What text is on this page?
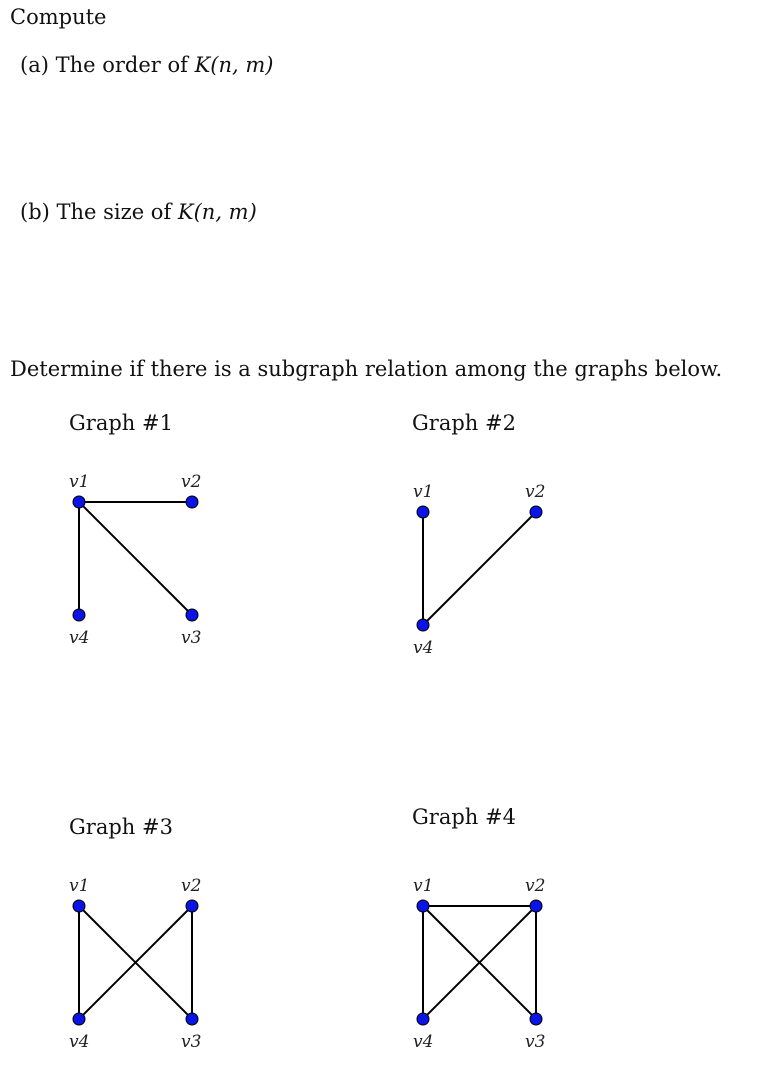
Compute
(a) The order of K(n, m)
(b) The size of K(n, m)
Determine if there is a subgraph relation among the graphs below.
Graph #1
v1	v2
v4	v3
Graph #2
v1	v2
v4
Graph #3
v1	v2
v4	v3
Graph #4
v1	v2
v4	v3
